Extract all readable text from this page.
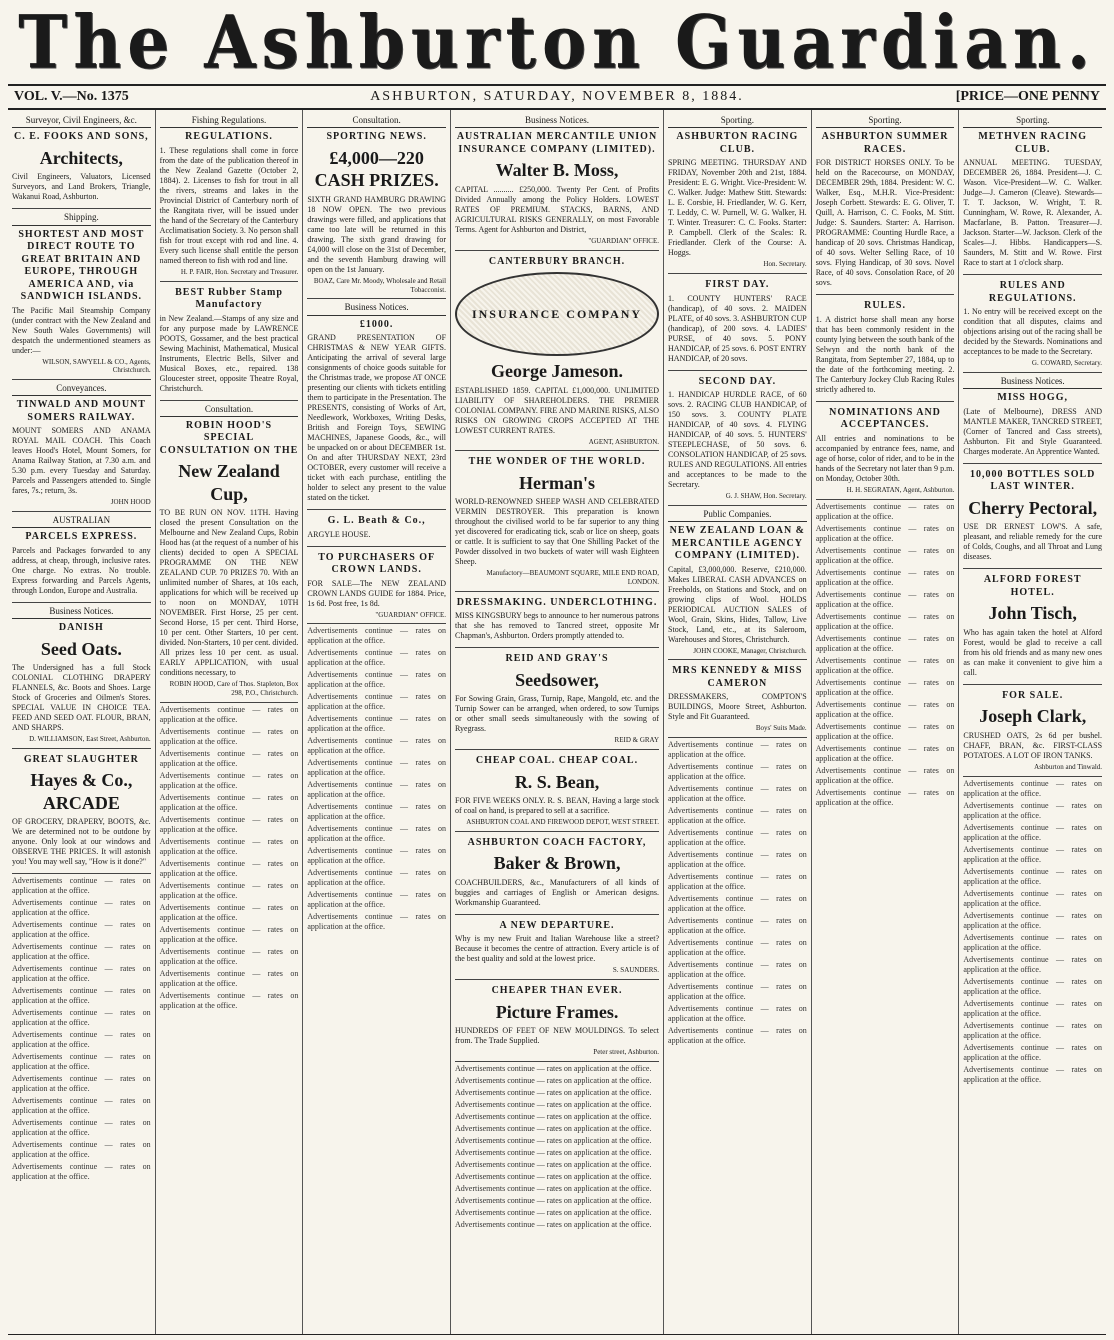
The Ashburton Guardian.
VOL. V.—No. 1375	ASHBURTON, SATURDAY, NOVEMBER 8, 1884.	[PRICE—ONE PENNY
Surveyor, Civil Engineers, &c.
C. E. FOOKS AND SONS,
Architects,

Civil Engineers, Valuators, Licensed Surveyors, and Land Brokers, Triangle, Wakanui Road, Ashburton.

Shipping.
SHORTEST AND MOST DIRECT ROUTE TO GREAT BRITAIN AND EUROPE, THROUGH AMERICA AND, via SANDWICH ISLANDS.

The Pacific Mail Steamship Company (under contract with the New Zealand and New South Wales Governments) will despatch the undermentioned steamers as under:—

WILSON, SAWYELL & CO., Agents, Christchurch.
Conveyances.
TINWALD AND MOUNT SOMERS RAILWAY.

MOUNT SOMERS AND ANAMA ROYAL MAIL COACH. This Coach leaves Hood's Hotel, Mount Somers, for Anama Railway Station, at 7.30 a.m. and 5.30 p.m. every Tuesday and Saturday. Parcels and Passengers attended to. Single fares, 7s.; return, 3s.

JOHN HOOD
AUSTRALIAN
PARCELS EXPRESS.

Parcels and Packages forwarded to any address, at cheap, through, inclusive rates. One charge. No extras. No trouble. Express forwarding and Parcels Agents, through London, Europe and Australia.

Business Notices.
DANISH
Seed Oats.

The Undersigned has a full Stock COLONIAL CLOTHING DRAPERY FLANNELS, &c. Boots and Shoes. Large Stock of Groceries and Oilmen's Stores. SPECIAL VALUE IN CHOICE TEA. FEED AND SEED OAT. FLOUR, BRAN, AND SHARPS.

D. WILLIAMSON, East Street, Ashburton.
GREAT SLAUGHTER
Hayes & Co., ARCADE

OF GROCERY, DRAPERY, BOOTS, &c. We are determined not to be outdone by anyone. Only look at our windows and OBSERVE THE PRICES. It will astonish you! You may well say, "How is it done?"

Advertisements continue — rates on application at the office.

Advertisements continue — rates on application at the office.

Advertisements continue — rates on application at the office.

Advertisements continue — rates on application at the office.

Advertisements continue — rates on application at the office.

Advertisements continue — rates on application at the office.

Advertisements continue — rates on application at the office.

Advertisements continue — rates on application at the office.

Advertisements continue — rates on application at the office.

Advertisements continue — rates on application at the office.

Advertisements continue — rates on application at the office.

Advertisements continue — rates on application at the office.

Advertisements continue — rates on application at the office.

Advertisements continue — rates on application at the office.

Fishing Regulations.
REGULATIONS.

1. These regulations shall come in force from the date of the publication thereof in the New Zealand Gazette (October 2, 1884). 2. Licenses to fish for trout in all the rivers, streams and lakes in the Provincial District of Canterbury north of the Rangitata river, will be issued under the hand of the Secretary of the Canterbury Acclimatisation Society. 3. No person shall fish for trout except with rod and line. 4. Every such license shall entitle the person named thereon to fish with rod and line.

H. P. FAIR, Hon. Secretary and Treasurer.
BEST Rubber Stamp Manufactory

in New Zealand.—Stamps of any size and for any purpose made by LAWRENCE POOTS, Gossamer, and the best practical Sewing Machinist, Mathematical, Musical Instruments, Electric Bells, Silver and Musical Boxes, etc., repaired. 138 Gloucester street, opposite Theatre Royal, Christchurch.

Consultation.
ROBIN HOOD'S SPECIAL CONSULTATION ON THE
New Zealand Cup,

TO BE RUN ON NOV. 11TH. Having closed the present Consultation on the Melbourne and New Zealand Cups, Robin Hood has (at the request of a number of his clients) decided to open A SPECIAL PROGRAMME ON THE NEW ZEALAND CUP. 70 PRIZES 70. With an unlimited number of Shares, at 10s each, applications for which will be received up to noon on MONDAY, 10TH NOVEMBER. First Horse, 25 per cent. Second Horse, 15 per cent. Third Horse, 10 per cent. Other Starters, 10 per cent. divided. Non-Starters, 10 per cent. divided. All prizes less 10 per cent. as usual. EARLY APPLICATION, with usual conditions necessary, to

ROBIN HOOD, Care of Thos. Stapleton, Box 298, P.O., Christchurch.

Advertisements continue — rates on application at the office.

Advertisements continue — rates on application at the office.

Advertisements continue — rates on application at the office.

Advertisements continue — rates on application at the office.

Advertisements continue — rates on application at the office.

Advertisements continue — rates on application at the office.

Advertisements continue — rates on application at the office.

Advertisements continue — rates on application at the office.

Advertisements continue — rates on application at the office.

Advertisements continue — rates on application at the office.

Advertisements continue — rates on application at the office.

Advertisements continue — rates on application at the office.

Advertisements continue — rates on application at the office.

Advertisements continue — rates on application at the office.

Consultation.
SPORTING NEWS.
£4,000—220 CASH PRIZES.

SIXTH GRAND HAMBURG DRAWING 18 NOW OPEN. The two previous drawings were filled, and applications that came too late will be returned in this drawing. The sixth grand drawing for £4,000 will close on the 31st of December, and the seventh Hamburg drawing will open on the 1st January.

BOAZ, Care Mr. Moody, Wholesale and Retail Tobacconist.
Business Notices.
£1000.

GRAND PRESENTATION OF CHRISTMAS & NEW YEAR GIFTS. Anticipating the arrival of several large consignments of choice goods suitable for the Christmas trade, we propose AT ONCE presenting our clients with tickets entitling them to participate in the Presentation. The PRESENTS, consisting of Works of Art, Needlework, Workboxes, Writing Desks, British and Foreign Toys, SEWING MACHINES, Japanese Goods, &c., will be unpacked on or about DECEMBER 1st. On and after THURSDAY NEXT, 23rd OCTOBER, every customer will receive a ticket with each purchase, entitling the holder to select any present to the value stated on the ticket.

G. L. Beath & Co.,

ARGYLE HOUSE.

TO PURCHASERS OF CROWN LANDS.

FOR SALE—The NEW ZEALAND CROWN LANDS GUIDE for 1884. Price, 1s 6d. Post free, 1s 8d.

"GUARDIAN" OFFICE.

Advertisements continue — rates on application at the office.

Advertisements continue — rates on application at the office.

Advertisements continue — rates on application at the office.

Advertisements continue — rates on application at the office.

Advertisements continue — rates on application at the office.

Advertisements continue — rates on application at the office.

Advertisements continue — rates on application at the office.

Advertisements continue — rates on application at the office.

Advertisements continue — rates on application at the office.

Advertisements continue — rates on application at the office.

Advertisements continue — rates on application at the office.

Advertisements continue — rates on application at the office.

Advertisements continue — rates on application at the office.

Advertisements continue — rates on application at the office.

Business Notices.
AUSTRALIAN MERCANTILE UNION INSURANCE COMPANY (LIMITED).
Walter B. Moss,

CAPITAL .......... £250,000. Twenty Per Cent. of Profits Divided Annually among the Policy Holders. LOWEST RATES OF PREMIUM. STACKS, BARNS, AND AGRICULTURAL RISKS GENERALLY, on most Favorable Terms. Agent for Ashburton and District,

"GUARDIAN" OFFICE.
CANTERBURY BRANCH.
INSURANCE COMPANY
George Jameson.

ESTABLISHED 1859. CAPITAL £1,000,000. UNLIMITED LIABILITY OF SHAREHOLDERS. THE PREMIER COLONIAL COMPANY. FIRE AND MARINE RISKS, ALSO RISKS ON GROWING CROPS ACCEPTED AT THE LOWEST CURRENT RATES.

AGENT, ASHBURTON.
THE WONDER OF THE WORLD.
Herman's

WORLD-RENOWNED SHEEP WASH AND CELEBRATED VERMIN DESTROYER. This preparation is known throughout the civilised world to be far superior to any thing yet discovered for eradicating tick, scab or lice on sheep, goats or cattle. It is sufficient to say that One Shilling Packet of the Powder dissolved in two buckets of water will wash Eighteen Sheep.

Manufactory—BEAUMONT SQUARE, MILE END ROAD, LONDON.
DRESSMAKING. UNDERCLOTHING.

MISS KINGSBURY begs to announce to her numerous patrons that she has removed to Tancred street, opposite Mr Chapman's, Ashburton. Orders promptly attended to.

REID AND GRAY'S
Seedsower,

For Sowing Grain, Grass, Turnip, Rape, Mangold, etc. and the Turnip Sower can be arranged, when ordered, to sow Turnips or other small seeds simultaneously with the sowing of Ryegrass.

REID & GRAY
CHEAP COAL. CHEAP COAL.
R. S. Bean,

FOR FIVE WEEKS ONLY. R. S. BEAN, Having a large stock of coal on hand, is prepared to sell at a sacrifice.

ASHBURTON COAL AND FIREWOOD DEPOT, WEST STREET.
ASHBURTON COACH FACTORY,
Baker & Brown,

COACHBUILDERS, &c., Manufacturers of all kinds of buggies and carriages of English or American designs. Workmanship Guaranteed.

A NEW DEPARTURE.

Why is my new Fruit and Italian Warehouse like a street? Because it becomes the centre of attraction. Every article is of the best quality and sold at the lowest price.

S. SAUNDERS.
CHEAPER THAN EVER.
Picture Frames.

HUNDREDS OF FEET OF NEW MOULDINGS. To select from. The Trade Supplied.

Peter street, Ashburton.

Advertisements continue — rates on application at the office.

Advertisements continue — rates on application at the office.

Advertisements continue — rates on application at the office.

Advertisements continue — rates on application at the office.

Advertisements continue — rates on application at the office.

Advertisements continue — rates on application at the office.

Advertisements continue — rates on application at the office.

Advertisements continue — rates on application at the office.

Advertisements continue — rates on application at the office.

Advertisements continue — rates on application at the office.

Advertisements continue — rates on application at the office.

Advertisements continue — rates on application at the office.

Advertisements continue — rates on application at the office.

Advertisements continue — rates on application at the office.

Sporting.
ASHBURTON RACING CLUB.

SPRING MEETING. THURSDAY AND FRIDAY, November 20th and 21st, 1884. President: E. G. Wright. Vice-President: W. C. Walker. Judge: Mathew Stitt. Stewards: L. E. Corsbie, H. Friedlander, W. G. Kerr, T. Leddy, C. W. Purnell, W. G. Walker, H. T. Winter. Treasurer: C. C. Fooks. Starter: P. Campbell. Clerk of the Scales: R. Friedlander. Clerk of the Course: A. Hoggs.

Hon. Secretary.
FIRST DAY.

1. COUNTY HUNTERS' RACE (handicap), of 40 sovs. 2. MAIDEN PLATE, of 40 sovs. 3. ASHBURTON CUP (handicap), of 200 sovs. 4. LADIES' PURSE, of 40 sovs. 5. PONY HANDICAP, of 25 sovs. 6. POST ENTRY HANDICAP, of 20 sovs.

SECOND DAY.

1. HANDICAP HURDLE RACE, of 60 sovs. 2. RACING CLUB HANDICAP, of 150 sovs. 3. COUNTY PLATE HANDICAP, of 40 sovs. 4. FLYING HANDICAP, of 40 sovs. 5. HUNTERS' STEEPLECHASE, of 50 sovs. 6. CONSOLATION HANDICAP, of 25 sovs. RULES AND REGULATIONS. All entries and acceptances to be made to the Secretary.

G. J. SHAW, Hon. Secretary.
Public Companies.
NEW ZEALAND LOAN & MERCANTILE AGENCY COMPANY (LIMITED).

Capital, £3,000,000. Reserve, £210,000. Makes LIBERAL CASH ADVANCES on Freeholds, on Stations and Stock, and on growing clips of Wool. HOLDS PERIODICAL AUCTION SALES of Wool, Grain, Skins, Hides, Tallow, Live Stock, Land, etc., at its Saleroom, Warehouses and Stores, Christchurch.

JOHN COOKE, Manager, Christchurch.
MRS KENNEDY & MISS CAMERON

DRESSMAKERS, COMPTON'S BUILDINGS, Moore Street, Ashburton. Style and Fit Guaranteed.

Boys' Suits Made.

Advertisements continue — rates on application at the office.

Advertisements continue — rates on application at the office.

Advertisements continue — rates on application at the office.

Advertisements continue — rates on application at the office.

Advertisements continue — rates on application at the office.

Advertisements continue — rates on application at the office.

Advertisements continue — rates on application at the office.

Advertisements continue — rates on application at the office.

Advertisements continue — rates on application at the office.

Advertisements continue — rates on application at the office.

Advertisements continue — rates on application at the office.

Advertisements continue — rates on application at the office.

Advertisements continue — rates on application at the office.

Advertisements continue — rates on application at the office.

Sporting.
ASHBURTON SUMMER RACES.

FOR DISTRICT HORSES ONLY. To be held on the Racecourse, on MONDAY, DECEMBER 29th, 1884. President: W. C. Walker, Esq., M.H.R. Vice-President: Joseph Corbett. Stewards: E. G. Oliver, T. Quill, A. Harrison, C. C. Fooks, M. Stitt. Judge: S. Saunders. Starter: A. Harrison. PROGRAMME: Counting Hurdle Race, a handicap of 20 sovs. Christmas Handicap, of 40 sovs. Welter Selling Race, of 10 sovs. Flying Handicap, of 30 sovs. Novel Race, of 40 sovs. Consolation Race, of 20 sovs.

RULES.

1. A district horse shall mean any horse that has been commonly resident in the county lying between the south bank of the Selwyn and the north bank of the Rangitata, from September 27, 1884, up to the date of the forthcoming meeting. 2. The Canterbury Jockey Club Racing Rules strictly adhered to.

NOMINATIONS AND ACCEPTANCES.

All entries and nominations to be accompanied by entrance fees, name, and age of horse, color of rider, and to be in the hands of the Secretary not later than 9 p.m. on Monday, October 30th.

H. H. SEGRATAN, Agent, Ashburton.

Advertisements continue — rates on application at the office.

Advertisements continue — rates on application at the office.

Advertisements continue — rates on application at the office.

Advertisements continue — rates on application at the office.

Advertisements continue — rates on application at the office.

Advertisements continue — rates on application at the office.

Advertisements continue — rates on application at the office.

Advertisements continue — rates on application at the office.

Advertisements continue — rates on application at the office.

Advertisements continue — rates on application at the office.

Advertisements continue — rates on application at the office.

Advertisements continue — rates on application at the office.

Advertisements continue — rates on application at the office.

Advertisements continue — rates on application at the office.

Sporting.
METHVEN RACING CLUB.

ANNUAL MEETING. TUESDAY, DECEMBER 26, 1884. President—J. C. Wason. Vice-President—W. C. Walker. Judge—J. Cameron (Cleave). Stewards—T. T. Jackson, W. Wright, T. R. Cunningham, W. Rowe, R. Alexander, A. Macfarlane, B. Patton. Treasurer—J. Jackson. Starter—W. Jackson. Clerk of the Scales—J. Hibbs. Handicappers—S. Saunders, M. Stitt and W. Rowe. First Race to start at 1 o'clock sharp.

RULES AND REGULATIONS.

1. No entry will be received except on the condition that all disputes, claims and objections arising out of the racing shall be decided by the Stewards. Nominations and acceptances to be made to the Secretary.

G. COWARD, Secretary.
Business Notices.
MISS HOGG,

(Late of Melbourne), DRESS AND MANTLE MAKER, TANCRED STREET, (Corner of Tancred and Cass streets), Ashburton. Fit and Style Guaranteed. Charges moderate. An Apprentice Wanted.

10,000 BOTTLES SOLD LAST WINTER.
Cherry Pectoral,

USE DR ERNEST LOW'S. A safe, pleasant, and reliable remedy for the cure of Colds, Coughs, and all Throat and Lung diseases.

ALFORD FOREST HOTEL.
John Tisch,

Who has again taken the hotel at Alford Forest, would be glad to receive a call from his old friends and as many new ones as can make it convenient to give him a call.

FOR SALE.
Joseph Clark,

CRUSHED OATS, 2s 6d per bushel. CHAFF, BRAN, &c. FIRST-CLASS POTATOES. A LOT OF IRON TANKS.

Ashburton and Tinwald.

Advertisements continue — rates on application at the office.

Advertisements continue — rates on application at the office.

Advertisements continue — rates on application at the office.

Advertisements continue — rates on application at the office.

Advertisements continue — rates on application at the office.

Advertisements continue — rates on application at the office.

Advertisements continue — rates on application at the office.

Advertisements continue — rates on application at the office.

Advertisements continue — rates on application at the office.

Advertisements continue — rates on application at the office.

Advertisements continue — rates on application at the office.

Advertisements continue — rates on application at the office.

Advertisements continue — rates on application at the office.

Advertisements continue — rates on application at the office.
